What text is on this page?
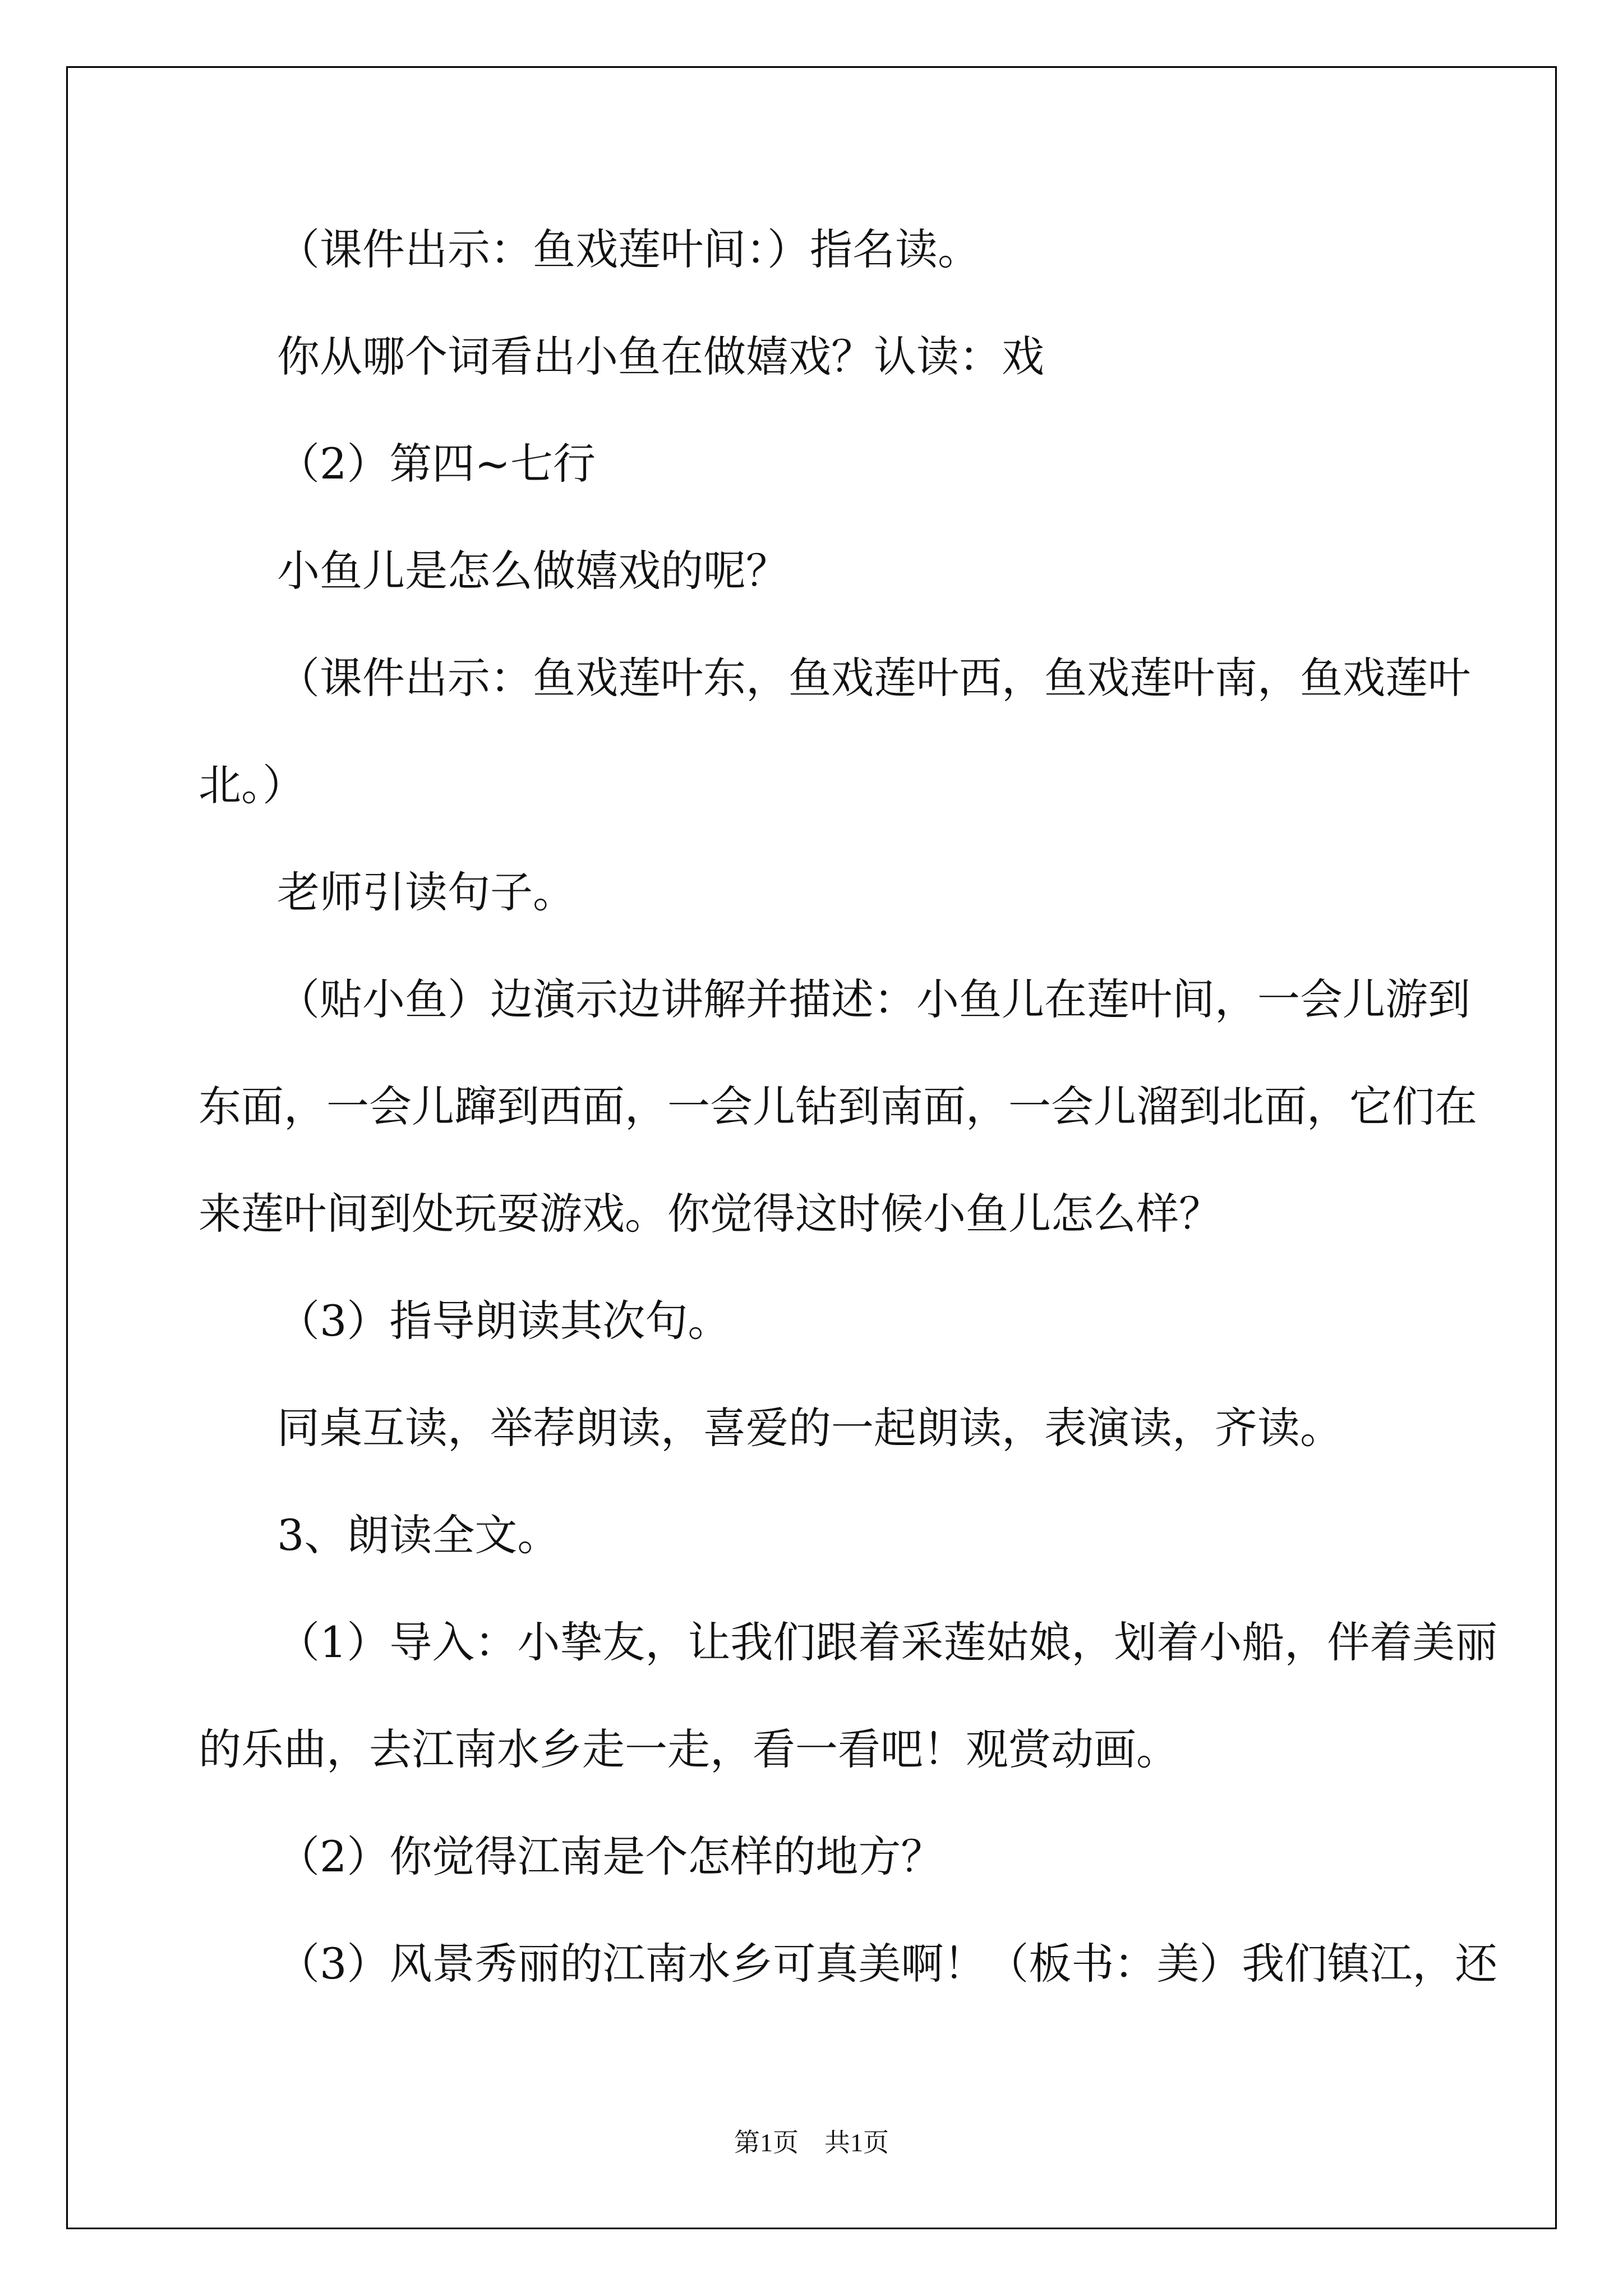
（课件出示：鱼戏莲叶间：）指名读。

你从哪个词看出小鱼在做嬉戏？认读：戏

（2）第四~七行

小鱼儿是怎么做嬉戏的呢？

（课件出示：鱼戏莲叶东，鱼戏莲叶西，鱼戏莲叶南，鱼戏莲叶

北。）

老师引读句子。

（贴小鱼）边演示边讲解并描述：小鱼儿在莲叶间，一会儿游到

东面，一会儿蹿到西面，一会儿钻到南面，一会儿溜到北面，它们在

来莲叶间到处玩耍游戏。你觉得这时候小鱼儿怎么样？

（3）指导朗读其次句。

同桌互读，举荐朗读，喜爱的一起朗读，表演读，齐读。

3、朗读全文。

（1）导入：小挚友，让我们跟着采莲姑娘，划着小船，伴着美丽

的乐曲，去江南水乡走一走，看一看吧！观赏动画。

（2）你觉得江南是个怎样的地方？

（3）风景秀丽的江南水乡可真美啊！（板书：美）我们镇江，还

第1页 共1页
